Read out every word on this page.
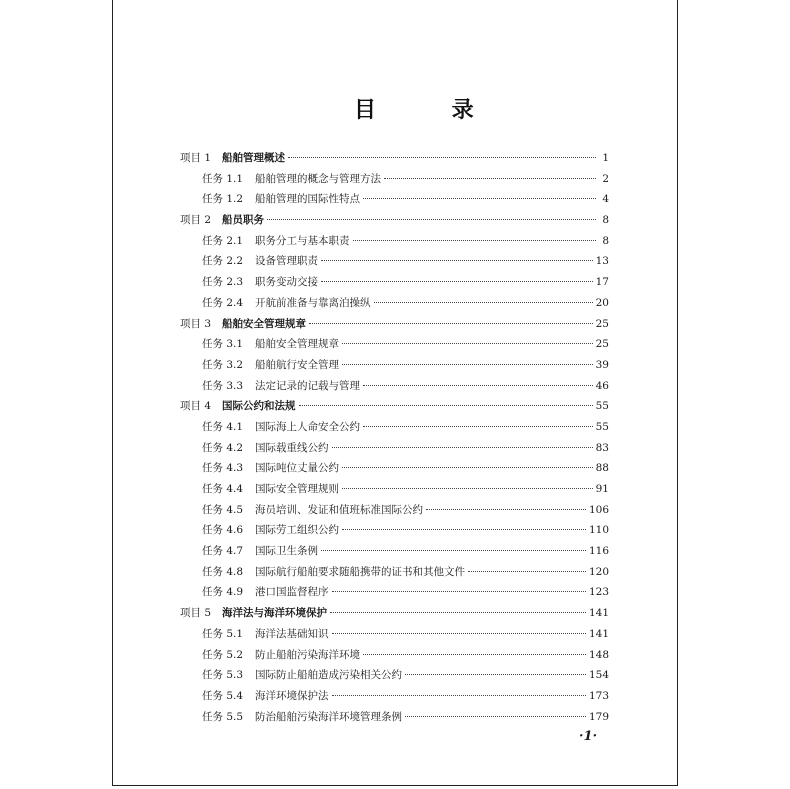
目 录
项目 1	船舶管理概述	1
任务 1.1	船舶管理的概念与管理方法	2
任务 1.2	船舶管理的国际性特点	4
项目 2	船员职务	8
任务 2.1	职务分工与基本职责	8
任务 2.2	设备管理职责	13
任务 2.3	职务变动交接	17
任务 2.4	开航前准备与靠离泊操纵	20
项目 3	船舶安全管理规章	25
任务 3.1	船舶安全管理规章	25
任务 3.2	船舶航行安全管理	39
任务 3.3	法定记录的记载与管理	46
项目 4	国际公约和法规	55
任务 4.1	国际海上人命安全公约	55
任务 4.2	国际载重线公约	83
任务 4.3	国际吨位丈量公约	88
任务 4.4	国际安全管理规则	91
任务 4.5	海员培训、发证和值班标准国际公约	106
任务 4.6	国际劳工组织公约	110
任务 4.7	国际卫生条例	116
任务 4.8	国际航行船舶要求随船携带的证书和其他文件	120
任务 4.9	港口国监督程序	123
项目 5	海洋法与海洋环境保护	141
任务 5.1	海洋法基础知识	141
任务 5.2	防止船舶污染海洋环境	148
任务 5.3	国际防止船舶造成污染相关公约	154
任务 5.4	海洋环境保护法	173
任务 5.5	防治船舶污染海洋环境管理条例	179
·1·
